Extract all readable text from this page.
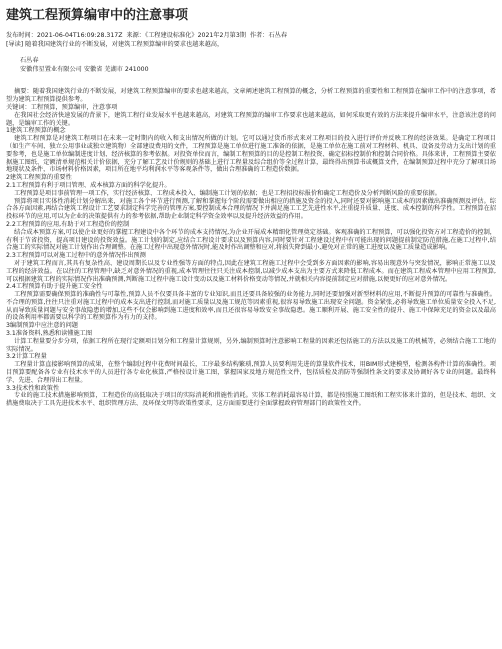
建筑工程预算编审中的注意事项
发布时间：2021-06-04T16:09:28.317Z 来源：《工程建设标准化》2021年2月第3期 作者：石丛春
[导读] 随着我国建筑行业的不断发展，对建筑工程预算编审的要求也越来越高，
石丛春
安徽伟星置业有限公司 安徽省 芜湖市 241000
摘要：随着我国建筑行业的不断发展，对建筑工程预算编审的要求也越来越高，文章阐述建筑工程预算的概念，分析工程预算的重要性和工程预算在编审工作中的注意事项，希望为建筑工程预算提供参考。
关键词：工程预算，预算编审，注意事项
在我国社会经济快速发展的背景下，建筑工程行业发展水平也越来越高，对建筑工程预算的编审工作要求也越来越高，如何采取更有效的方法来提升编审水平，注意该注意的问题，是编审工作的关键。
1建筑工程预算的概念
建筑工程预算是对建筑工程项目在未来一定时期内的收入和支出情况所做的计划。它可以通过货币形式来对工程项目的投入进行评价并反映工程的经济效果。是确定工程项目（如生产车间、独立公用事业或独立建筑物）全部建设费用的文件，工程预算是施工单位进行施工准备的依据，是施工单位在施工前对工程材料、机具、设备及劳动力支出计划的重要参考，也是施工单位编制进度计划、经济核算的参考依据。对投资单位而言，编制工程预算的目的是控制工程投资、确定招标控制价和控制合同价格。具体来讲，工程预算主要依据施工图纸、定额清单规范相关计价依据，充分了解工艺及计价规则的基础上进行工程量及综合组价等全过程计算，最终得出预算书或概算文件，在编制预算过程中充分了解项目场地现状及条件，市场材料价格因素，项目所在地平均利润水平等客观条件等，做出合理准确的工程造价数据。
2建筑工程预算的重要性
2.1工程预算有利于项目管理、成本核算方面的科学化提升。
工程预算是项目事前管理一项工作，实行经济核算、工程成本投入、编制施工计划的依据；也是工程招投标报价和确定工程造价及分析判断风险的重要依据。
预算将项目实体性消耗计划分解出来，对施工各个环节进行预测,了解和掌握每个阶段需要做出相应的措施及资金的投入,同时还要对影响施工成本的因素做出准确预测及评估。综合各方面因素,再结合建筑工程设计工艺要求制定科学完善的管理方案,要控制成本合理的情况下并满足施工工艺先进性水平,注重提升质量、进度、成本控制的科学性。工程预算在招投标环节的应用,可以为企业的决策提供有力的参考依据,帮助企业制定科学资金效率以及提升经济效益的作用。
2.2工程预算的应用,有助于对工程造价的控制
结合成本预算方案,可以使企业更好的掌握工程建设中各个环节的成本支持情况,为企业开展成本精细化管理奠定基础。客观准确的工程预算，可以强化投资方对工程造价的控制，有利于节省投资，提高项目建设的投资效益。施工计划的制定,应结合工程设计要求以及预算内容,同时要针对工程建设过程中有可能出现的问题提前制定防范措施,在施工过程中,结合施工的实际情况对施工计划作出合理调整。在施工过程中出现意外情况时,能及时作出调整和应对,将损失降到最小,避免对正常的施工进度以及施工质量造成影响。
2.3工程预算可以对施工过程中的意外情况作出预测
对于建筑工程而言,其具有复杂性高、建设周期长以及专业性强等方面的特点,因此在建筑工程施工过程中会受到多方面因素的影响,容易出现意外与突发情况，影响正常施工以及工程的经济效益。在以往的工程管理中,缺乏对意外情况的重视,成本管理往往只关注成本控制,以减少成本支出为主要方式来降低工程成本。而在建筑工程成本管理中应用工程预算,可以根据建筑工程的实际情况作出准确预测,判断施工过程中施工设计变动以及施工材料价格变动等情况,并就相关内容提前制定应对措施,以便更好的应对意外情况。
2.4工程预算有助于提升施工安全性
工程预算需要确保预算的准确性与可靠性,预算人员不仅要具备丰富的专业知识,而且还要具备较强的业务能力,同时还要加强对新型材料的应用,不断提升预算的可靠性与准确性。不合理的预算,往往只注重对施工过程中的成本支出进行控制,而对施工质量以及施工规范等因素重视,很容易导致施工出现安全问题。资金紧张,必将导致施工单位质量安全投入不足,从而导致质量问题与安全事故隐患的增加,这些不仅会影响到施工进度和效率,而且还很容易导致安全事故隐患。施工顺利开展、施工安全性的提升、施工中保障充足的资金以及最高的设备利用率都需要以科学的工程预算作为有力的支持。
3编制预算中应注意的问题
3.1准备资料,熟悉和读懂施工图
计算工程量要分步分项，依据工程所在现行定额项目划分和工程量计算规则，另外,编制预算时注意影响工程量的因素还包括施工的方法以及施工的机械等，必须结合施工工地的实际情况。
3.2计算工程量
工程量计算直接影响预算的成果，在整个编制过程中花费时间最长，工序最多结构繁琐,预算人员要利用先进的算量软件技术，用BIM形式建模型，检测各构件计算的准确性。项目预算要配备各专业有技术水平的人员进行各专业化核算,严格按设计施工图，掌握国家及地方规范性文件，包括质检及消防等强制性条文的要求及协调好各专业的问题。最终科学、先进、合理得出工程量。
3.3技术性和政策性
专业的施工技术措施影响预算，工程造价的高低取决于项目的实际消耗和措施性消耗。实体工程消耗最容易计算，都是按照施工图纸和工程实体来计算的，但是技术、组织、文措施费取决于工具先进技术水平、组织管理方法、及环保文明等政策性要求，这方面需要进行全面掌握政府管理部门的政策性文件。
